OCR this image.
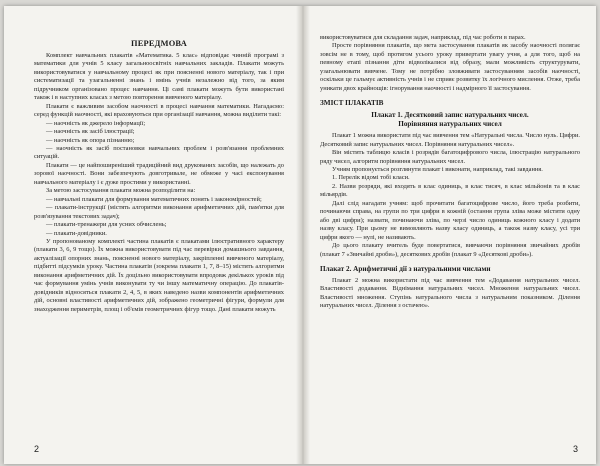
ПЕРЕДМОВА

Комплект навчальних плакатів «Математика. 5 клас» відповідає чинній програмі з математики для учнів 5 класу загальноосвітніх навчальних закладів. Плакати можуть використовуватися у навчальному процесі як при поясненні нового матеріалу, так і при систематизації та узагальненні знань і вмінь учнів незалежно від того, за яким підручником організовано процес навчання. Ці самі плакати можуть бути використані також і в наступних класах з метою повторення вивченого матеріалу.

Плакати є важливим засобом наочності в процесі навчання математики. Нагадаємо: серед функцій наочності, які враховуються при організації навчання, можна виділити такі:

— наочність як джерело інформації;

— наочність як засіб ілюстрації;

— наочність як опора пізнанню;

— наочність як засіб постановки навчальних проблем і розв'язання проблемних ситуацій.

Плакати — це найпоширеніший традиційний вид друкованих засобів, що належать до зорової наочності. Вони забезпечують довготривале, не обмеже у часі експонування навчального матеріалу і є дуже простими у використанні.

За метою застосування плакати можна розподілити на:

— навчальні плакати для формування математичних понять і закономірностей;

— плакати-інструкції (містять алгоритми виконання арифметичних дій, пам'ятки для розв'язування текстових задач);

— плакати-тренажери для усних обчислень;

— плакати-довідники.

У пропонованому комплекті частина плакатів є плакатами ілюстративного характеру (плакати 3, 6, 9 тощо). Їх можна використовувати під час перевірки домашнього завдання, актуалізації опорних знань, поясненні нового матеріалу, закріпленні вивченого матеріалу, підбитті підсумків уроку. Частина плакатів (зокрема плакати 1, 7, 8–15) містить алгоритми виконання арифметичних дій. Їх доцільно використовувати впродовж декількох уроків під час формування умінь учнів виконувати ту чи іншу математичну операцію. До плакатів-довідників відносяться плакати 2, 4, 5, в яких наведено назви компонентів арифметичних дій, основні властивості арифметичних дій, зображено геометричні фігури, формули для знаходження периметрів, площ і об'ємів геометричних фігур тощо. Дані плакати можуть

2

використовуватися для складання задач, наприклад, під час роботи в парах.

Просте порівняння плакатів, що мета застосування плакатів як засобу наочності полягає зовсім не в тому, щоб протягом усього уроку привертати увагу учня, а для того, щоб на певному етапі пізнання діти відволікалися від образу, мали можливість структурувати, узагальнювати вивчене. Тому не потрібно зловживати застосуванням засобів наочності, оскільки це гальмує активність учнів і не сприяє розвитку їх логічного мислення. Отже, треба уникати двох крайнощів: ігнорування наочності і надмірного її застосування.

ЗМІСТ ПЛАКАТІВ

Плакат 1. Десятковий запис натуральних чисел.

Порівняння натуральних чисел

Плакат 1 можна використати під час вивчення тем «Натуральні числа. Число нуль. Цифри. Десятковий запис натуральних чисел. Порівняння натуральних чисел».

Він містить таблицю класів і розрядів багатоцифрового числа, ілюстрацію натурального ряду чисел, алгоритм порівняння натуральних чисел.

Учням пропонується розглянути плакат і виконати, наприклад, такі завдання.

1. Перелік відомі тобі класи.

2. Назви розряди, які входять в клас одиниць, в клас тисяч, в клас мільйонів та в клас мільярдів.

Далі слід нагадати учням: щоб прочитати багатоцифрове число, його треба розбити, починаючи справа, на групи по три цифри в кожній (остання група зліва може містити одну або дві цифри); назвати, починаючи зліва, по черзі число одиниць кожного класу і додати назву класу. При цьому не вимовляють назву класу одиниць, а також назву класу, усі три цифри якого — нулі, не називають.

До цього плакату вчитель буде повертатися, вивчаючи порівняння звичайних дробів (плакат 7 «Звичайні дроби»), десяткових дробів (плакат 9 «Десяткові дроби»).

Плакат 2. Арифметичні дії з натуральними числами

Плакат 2 можна використати під час вивчення тем «Додавання натуральних чисел. Властивості додавання. Віднімання натуральних чисел. Множення натуральних чисел. Властивості множення. Ступінь натурального числа з натуральним показником. Ділення натуральних чисел. Ділення з остачею».

3
